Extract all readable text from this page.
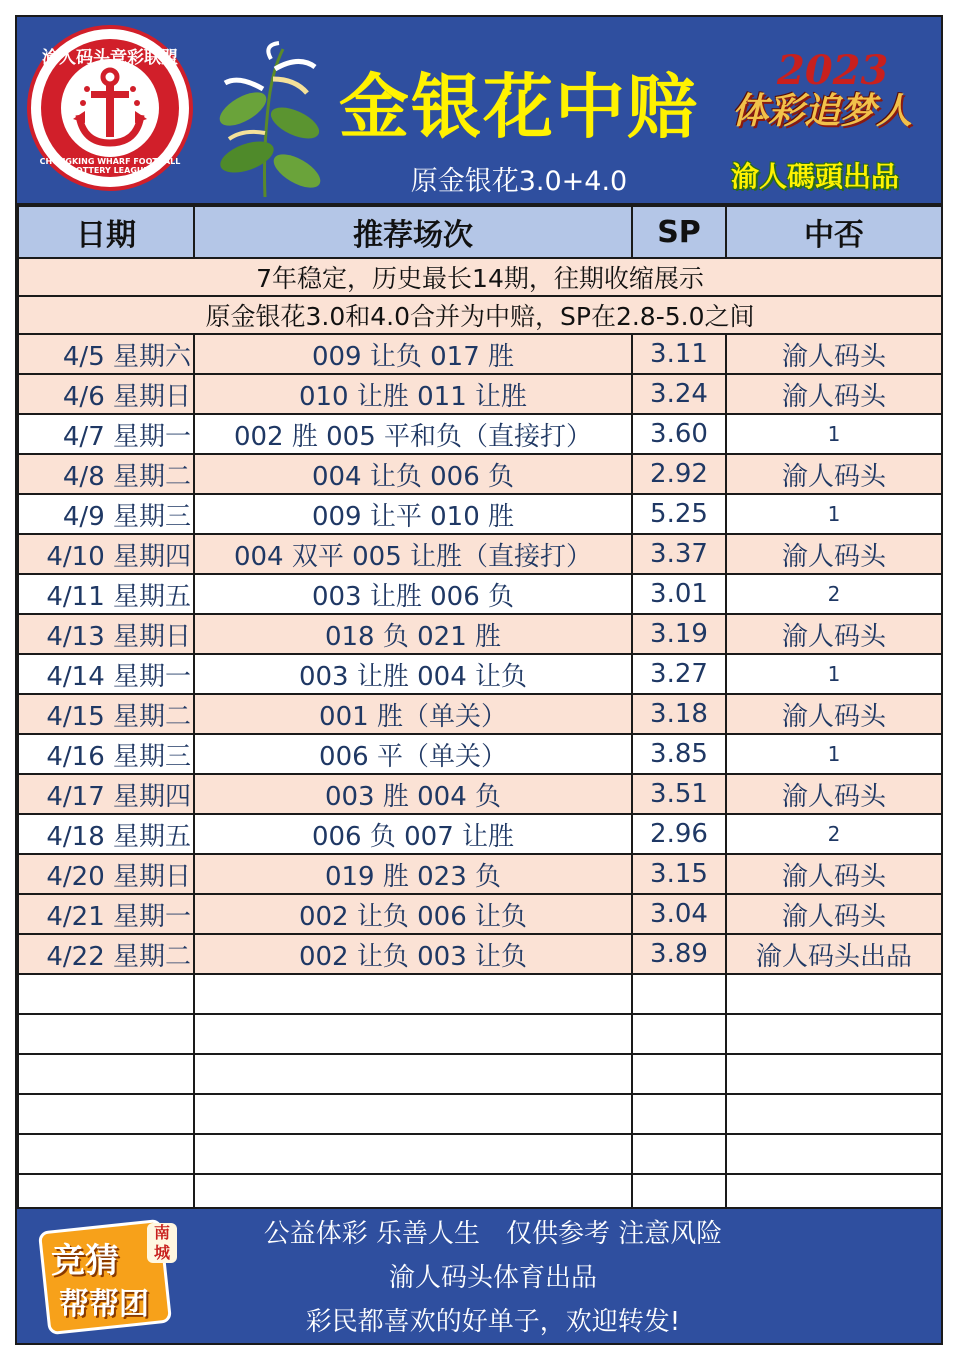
渝人码头竞彩联盟
CHUNGKING WHARF FOOTBALL LOTTERY LEAGUE
金银花中赔
原金银花3.0+4.0
2023
体彩追梦人
渝人碼頭出品
日期	推荐场次	SP	中否
7年稳定，历史最长14期，往期收缩展示			
原金银花3.0和4.0合并为中赔，SP在2.8-5.0之间			
4/5 星期六	009 让负 017 胜	3.11	渝人码头
4/6 星期日	010 让胜 011 让胜	3.24	渝人码头
4/7 星期一	002 胜 005 平和负（直接打）	3.60	1
4/8 星期二	004 让负 006 负	2.92	渝人码头
4/9 星期三	009 让平 010 胜	5.25	1
4/10 星期四	004 双平 005 让胜（直接打）	3.37	渝人码头
4/11 星期五	003 让胜 006 负	3.01	2
4/13 星期日	018 负 021 胜	3.19	渝人码头
4/14 星期一	003 让胜 004 让负	3.27	1
4/15 星期二	001 胜（单关）	3.18	渝人码头
4/16 星期三	006 平（单关）	3.85	1
4/17 星期四	003 胜 004 负	3.51	渝人码头
4/18 星期五	006 负 007 让胜	2.96	2
4/20 星期日	019 胜 023 负	3.15	渝人码头
4/21 星期一	002 让负 006 让负	3.04	渝人码头
4/22 星期二	002 让负 003 让负	3.89	渝人码头出品

竞猜
帮帮团
南城
公益体彩 乐善人生　仅供参考 注意风险
渝人码头体育出品
彩民都喜欢的好单子，欢迎转发!
